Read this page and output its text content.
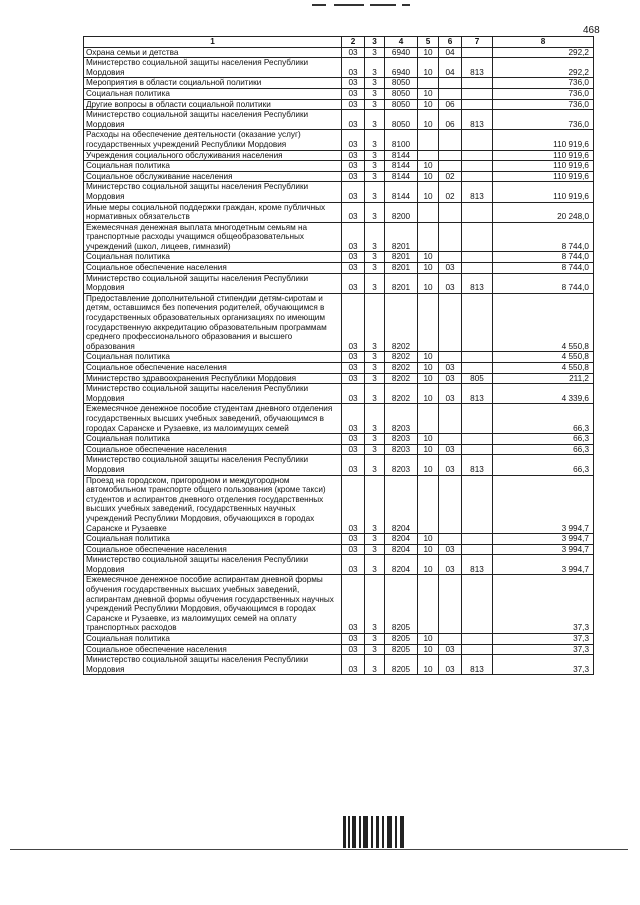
468
1	2	3	4	5	6	7	8
Охрана семьи и детства	03	3	6940	10	04		292,2
Министерство социальной защиты населения Республики Мордовия	03	3	6940	10	04	813	292,2
Мероприятия в области социальной политики	03	3	8050				736,0
Социальная политика	03	3	8050	10			736,0
Другие вопросы в области социальной политики	03	3	8050	10	06		736,0
Министерство социальной защиты населения Республики Мордовия	03	3	8050	10	06	813	736,0
Расходы на обеспечение деятельности (оказание услуг) государственных учреждений Республики Мордовия	03	3	8100				110 919,6
Учреждения социального обслуживания населения	03	3	8144				110 919,6
Социальная политика	03	3	8144	10			110 919,6
Социальное обслуживание населения	03	3	8144	10	02		110 919,6
Министерство социальной защиты населения Республики Мордовия	03	3	8144	10	02	813	110 919,6
Иные меры социальной поддержки граждан, кроме публичных нормативных обязательств	03	3	8200				20 248,0
Ежемесячная денежная выплата многодетным семьям на транспортные расходы учащимся общеобразовательных учреждений (школ, лицеев, гимназий)	03	3	8201				8 744,0
Социальная политика	03	3	8201	10			8 744,0
Социальное обеспечение населения	03	3	8201	10	03		8 744,0
Министерство социальной защиты населения Республики Мордовия	03	3	8201	10	03	813	8 744,0
Предоставление дополнительной стипендии детям-сиротам и детям, оставшимся без попечения родителей, обучающимся в государственных образовательных организациях по имеющим государственную аккредитацию образовательным программам среднего профессионального образования и высшего образования	03	3	8202				4 550,8
Социальная политика	03	3	8202	10			4 550,8
Социальное обеспечение населения	03	3	8202	10	03		4 550,8
Министерство здравоохранения Республики Мордовия	03	3	8202	10	03	805	211,2
Министерство социальной защиты населения Республики Мордовия	03	3	8202	10	03	813	4 339,6
Ежемесячное денежное пособие студентам дневного отделения государственных высших учебных заведений, обучающимся в городах Саранске и Рузаевке, из малоимущих семей	03	3	8203				66,3
Социальная политика	03	3	8203	10			66,3
Социальное обеспечение населения	03	3	8203	10	03		66,3
Министерство социальной защиты населения Республики Мордовия	03	3	8203	10	03	813	66,3
Проезд на городском, пригородном и междугородном автомобильном транспорте общего пользования (кроме такси) студентов и аспирантов дневного отделения государственных высших учебных заведений, государственных научных учреждений Республики Мордовия, обучающихся в городах Саранске и Рузаевке	03	3	8204				3 994,7
Социальная политика	03	3	8204	10			3 994,7
Социальное обеспечение населения	03	3	8204	10	03		3 994,7
Министерство социальной защиты населения Республики Мордовия	03	3	8204	10	03	813	3 994,7
Ежемесячное денежное пособие аспирантам дневной формы обучения государственных высших учебных заведений, аспирантам дневной формы обучения государственных научных учреждений Республики Мордовия, обучающимся в городах Саранске и Рузаевке, из малоимущих семей на оплату транспортных расходов	03	3	8205				37,3
Социальная политика	03	3	8205	10			37,3
Социальное обеспечение населения	03	3	8205	10	03		37,3
Министерство социальной защиты населения Республики Мордовия	03	3	8205	10	03	813	37,3
